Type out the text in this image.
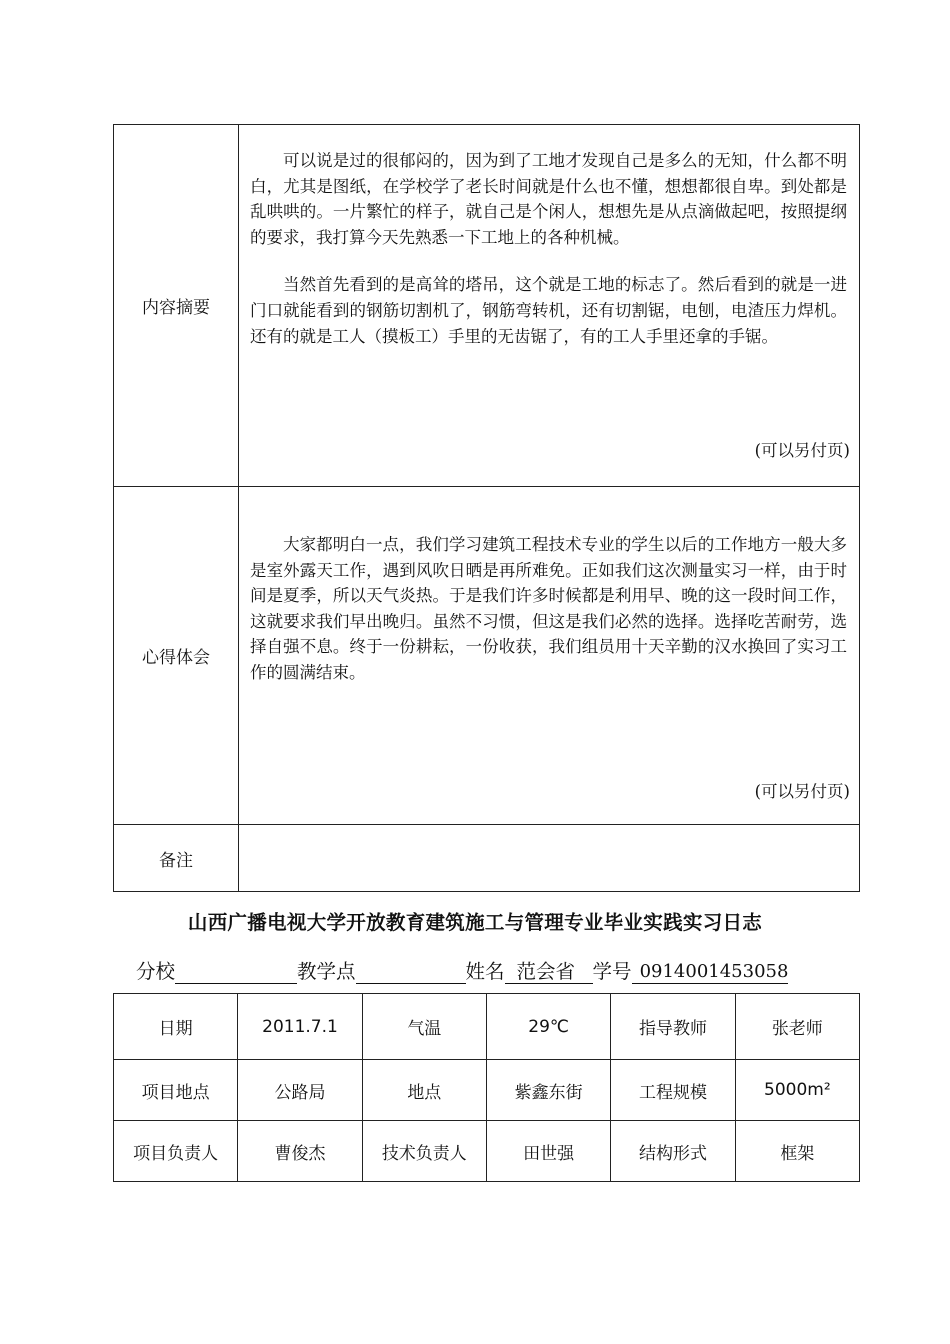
内容摘要	可以说是过的很郁闷的，因为到了工地才发现自己是多么的无知，什么都不明白，尤其是图纸，在学校学了老长时间就是什么也不懂，想想都很自卑。到处都是乱哄哄的。一片繁忙的样子，就自己是个闲人，想想先是从点滴做起吧，按照提纲的要求，我打算今天先熟悉一下工地上的各种机械。

当然首先看到的是高耸的塔吊，这个就是工地的标志了。然后看到的就是一进门口就能看到的钢筋切割机了，钢筋弯转机，还有切割锯，电刨，电渣压力焊机。还有的就是工人（摸板工）手里的无齿锯了，有的工人手里还拿的手锯。

(可以另付页)

心得体会	大家都明白一点，我们学习建筑工程技术专业的学生以后的工作地方一般大多是室外露天工作，遇到风吹日晒是再所难免。正如我们这次测量实习一样，由于时间是夏季，所以天气炎热。于是我们许多时候都是利用早、晚的这一段时间工作，这就要求我们早出晚归。虽然不习惯，但这是我们必然的选择。选择吃苦耐劳，选择自强不息。终于一份耕耘，一份收获，我们组员用十天辛勤的汉水换回了实习工作的圆满结束。

(可以另付页)

备注	
山西广播电视大学开放教育建筑施工与管理专业毕业实践实习日志
分校	教学点	姓名 范会省 学号 0914001453058
日期	2011.7.1	气温	29℃	指导教师	张老师
项目地点	公路局	地点	紫鑫东街	工程规模	5000m²
项目负责人	曹俊杰	技术负责人	田世强	结构形式	框架
